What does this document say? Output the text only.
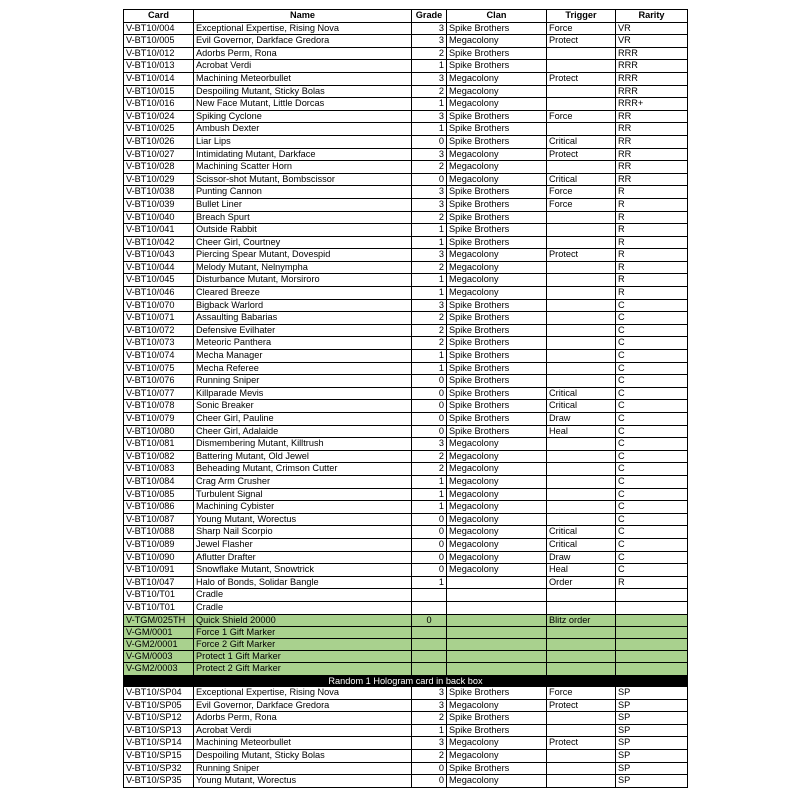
Card	Name	Grade	Clan	Trigger	Rarity
V-BT10/004	Exceptional Expertise, Rising Nova	3	Spike Brothers	Force	VR
V-BT10/005	Evil Governor, Darkface Gredora	3	Megacolony	Protect	VR
V-BT10/012	Adorbs Perm, Rona	2	Spike Brothers		RRR
V-BT10/013	Acrobat Verdi	1	Spike Brothers		RRR
V-BT10/014	Machining Meteorbullet	3	Megacolony	Protect	RRR
V-BT10/015	Despoiling Mutant, Sticky Bolas	2	Megacolony		RRR
V-BT10/016	New Face Mutant, Little Dorcas	1	Megacolony		RRR+
V-BT10/024	Spiking Cyclone	3	Spike Brothers	Force	RR
V-BT10/025	Ambush Dexter	1	Spike Brothers		RR
V-BT10/026	Liar Lips	0	Spike Brothers	Critical	RR
V-BT10/027	Intimidating Mutant, Darkface	3	Megacolony	Protect	RR
V-BT10/028	Machining Scatter Horn	2	Megacolony		RR
V-BT10/029	Scissor-shot Mutant, Bombscissor	0	Megacolony	Critical	RR
V-BT10/038	Punting Cannon	3	Spike Brothers	Force	R
V-BT10/039	Bullet Liner	3	Spike Brothers	Force	R
V-BT10/040	Breach Spurt	2	Spike Brothers		R
V-BT10/041	Outside Rabbit	1	Spike Brothers		R
V-BT10/042	Cheer Girl, Courtney	1	Spike Brothers		R
V-BT10/043	Piercing Spear Mutant, Dovespid	3	Megacolony	Protect	R
V-BT10/044	Melody Mutant, Nelnympha	2	Megacolony		R
V-BT10/045	Disturbance Mutant, Morsiroro	1	Megacolony		R
V-BT10/046	Cleared Breeze	1	Megacolony		R
V-BT10/070	Bigback Warlord	3	Spike Brothers		C
V-BT10/071	Assaulting Babarias	2	Spike Brothers		C
V-BT10/072	Defensive Evilhater	2	Spike Brothers		C
V-BT10/073	Meteoric Panthera	2	Spike Brothers		C
V-BT10/074	Mecha Manager	1	Spike Brothers		C
V-BT10/075	Mecha Referee	1	Spike Brothers		C
V-BT10/076	Running Sniper	0	Spike Brothers		C
V-BT10/077	Killparade Mevis	0	Spike Brothers	Critical	C
V-BT10/078	Sonic Breaker	0	Spike Brothers	Critical	C
V-BT10/079	Cheer Girl, Pauline	0	Spike Brothers	Draw	C
V-BT10/080	Cheer Girl, Adalaide	0	Spike Brothers	Heal	C
V-BT10/081	Dismembering Mutant, Killtrush	3	Megacolony		C
V-BT10/082	Battering Mutant, Old Jewel	2	Megacolony		C
V-BT10/083	Beheading Mutant, Crimson Cutter	2	Megacolony		C
V-BT10/084	Crag Arm Crusher	1	Megacolony		C
V-BT10/085	Turbulent Signal	1	Megacolony		C
V-BT10/086	Machining Cybister	1	Megacolony		C
V-BT10/087	Young Mutant, Worectus	0	Megacolony		C
V-BT10/088	Sharp Nail Scorpio	0	Megacolony	Critical	C
V-BT10/089	Jewel Flasher	0	Megacolony	Critical	C
V-BT10/090	Aflutter Drafter	0	Megacolony	Draw	C
V-BT10/091	Snowflake Mutant, Snowtrick	0	Megacolony	Heal	C
V-BT10/047	Halo of Bonds, Solidar Bangle	1		Order	R
V-BT10/T01	Cradle				
V-BT10/T01	Cradle				
V-TGM/025TH	Quick Shield 20000	0		Blitz order	
V-GM/0001	Force 1 Gift Marker				
V-GM2/0001	Force 2 Gift Marker				
V-GM/0003	Protect 1 Gift Marker				
V-GM2/0003	Protect 2 Gift Marker				
Random 1 Hologram card in back box					
V-BT10/SP04	Exceptional Expertise, Rising Nova	3	Spike Brothers	Force	SP
V-BT10/SP05	Evil Governor, Darkface Gredora	3	Megacolony	Protect	SP
V-BT10/SP12	Adorbs Perm, Rona	2	Spike Brothers		SP
V-BT10/SP13	Acrobat Verdi	1	Spike Brothers		SP
V-BT10/SP14	Machining Meteorbullet	3	Megacolony	Protect	SP
V-BT10/SP15	Despoiling Mutant, Sticky Bolas	2	Megacolony		SP
V-BT10/SP32	Running Sniper	0	Spike Brothers		SP
V-BT10/SP35	Young Mutant, Worectus	0	Megacolony		SP
